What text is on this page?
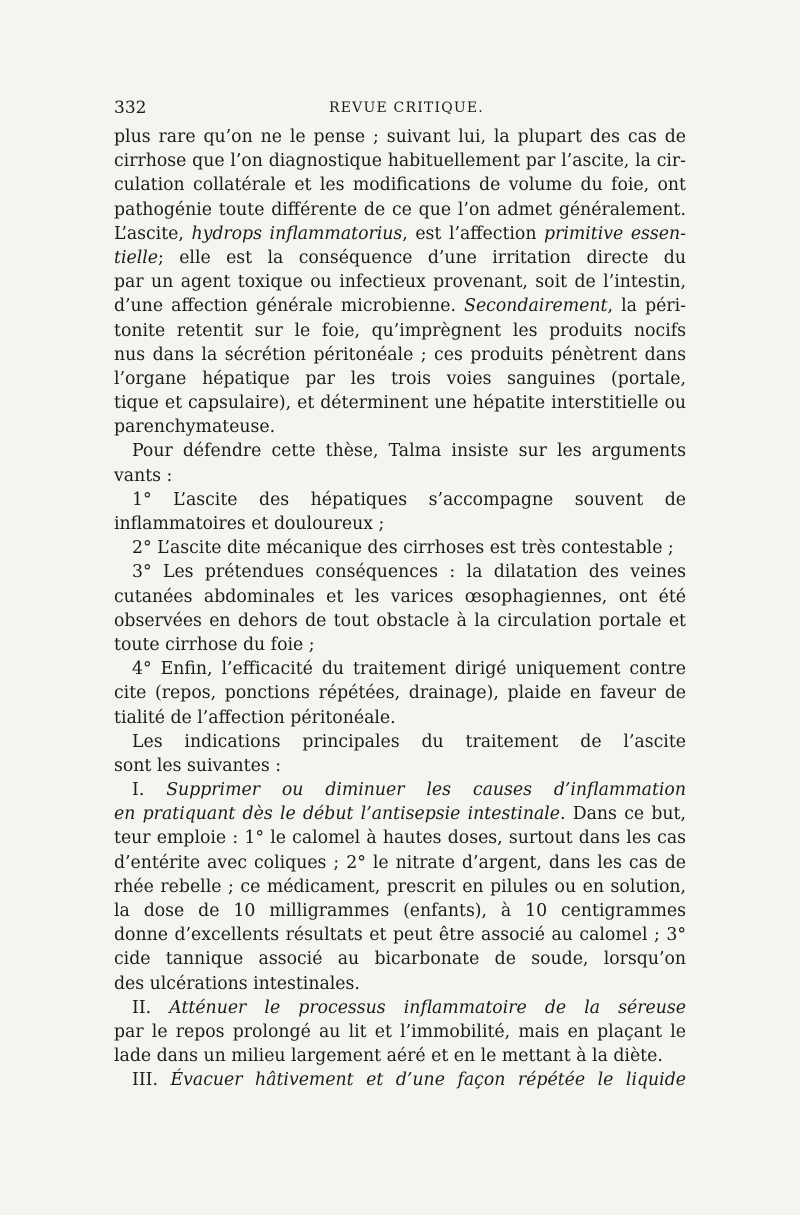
332	REVUE CRITIQUE.
plus rare qu’on ne le pense ; suivant lui, la plupart des cas de
cirrhose que l’on diagnostique habituellement par l’ascite, la cir-
culation collatérale et les modifications de volume du foie, ont
pathogénie toute différente de ce que l’on admet généralement.
L’ascite, hydrops inflammatorius, est l’affection primitive essen-
tielle; elle est la conséquence d’une irritation directe du
par un agent toxique ou infectieux provenant, soit de l’intestin,
d’une affection générale microbienne. Secondairement, la péri-
tonite retentit sur le foie, qu’imprègnent les produits nocifs
nus dans la sécrétion péritonéale ; ces produits pénètrent dans
l’organe hépatique par les trois voies sanguines (portale,
tique et capsulaire), et déterminent une hépatite interstitielle ou
parenchymateuse.
Pour défendre cette thèse, Talma insiste sur les arguments
vants :
1° L’ascite des hépatiques s’accompagne souvent de
inflammatoires et douloureux ;
2° L’ascite dite mécanique des cirrhoses est très contestable ;
3° Les prétendues conséquences : la dilatation des veines
cutanées abdominales et les varices œsophagiennes, ont été
observées en dehors de tout obstacle à la circulation portale et
toute cirrhose du foie ;
4° Enfin, l’efficacité du traitement dirigé uniquement contre
cite (repos, ponctions répétées, drainage), plaide en faveur de
tialité de l’affection péritonéale.
Les indications principales du traitement de l’ascite
sont les suivantes :
I. Supprimer ou diminuer les causes d’inflammation
en pratiquant dès le début l’antisepsie intestinale. Dans ce but,
teur emploie : 1° le calomel à hautes doses, surtout dans les cas
d’entérite avec coliques ; 2° le nitrate d’argent, dans les cas de
rhée rebelle ; ce médicament, prescrit en pilules ou en solution,
la dose de 10 milligrammes (enfants), à 10 centigrammes
donne d’excellents résultats et peut être associé au calomel ; 3°
cide tannique associé au bicarbonate de soude, lorsqu’on
des ulcérations intestinales.
II. Atténuer le processus inflammatoire de la séreuse
par le repos prolongé au lit et l’immobilité, mais en plaçant le
lade dans un milieu largement aéré et en le mettant à la diète.
III. Évacuer hâtivement et d’une façon répétée le liquide
